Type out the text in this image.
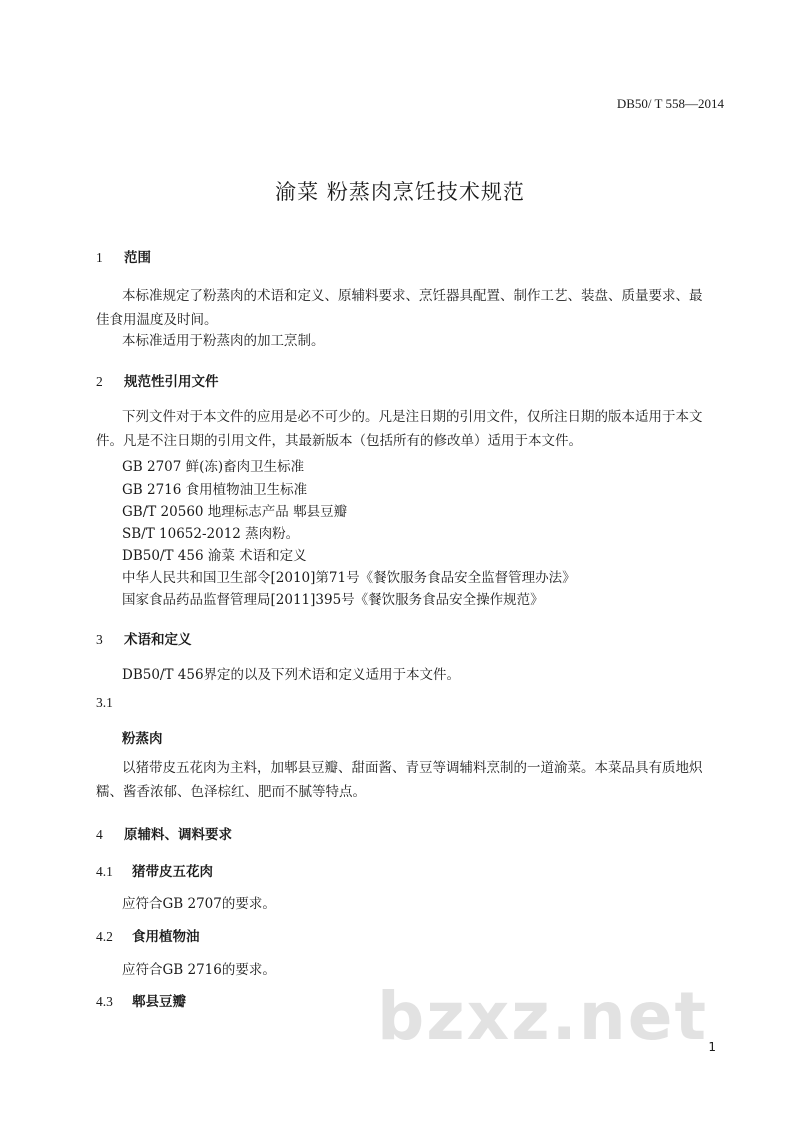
DB50/ T 558—2014
渝菜 粉蒸肉烹饪技术规范
1 范围
本标准规定了粉蒸肉的术语和定义、原辅料要求、烹饪器具配置、制作工艺、装盘、质量要求、最佳食用温度及时间。
本标准适用于粉蒸肉的加工烹制。
2 规范性引用文件
下列文件对于本文件的应用是必不可少的。凡是注日期的引用文件，仅所注日期的版本适用于本文件。凡是不注日期的引用文件，其最新版本（包括所有的修改单）适用于本文件。
GB 2707 鲜(冻)畜肉卫生标准
GB 2716 食用植物油卫生标准
GB/T 20560 地理标志产品 郫县豆瓣
SB/T 10652-2012 蒸肉粉。
DB50/T 456 渝菜 术语和定义
中华人民共和国卫生部令[2010]第71号《餐饮服务食品安全监督管理办法》
国家食品药品监督管理局[2011]395号《餐饮服务食品安全操作规范》
3 术语和定义
DB50/T 456界定的以及下列术语和定义适用于本文件。
3.1
粉蒸肉
以猪带皮五花肉为主料，加郫县豆瓣、甜面酱、青豆等调辅料烹制的一道渝菜。本菜品具有质地炽糯、酱香浓郁、色泽棕红、肥而不腻等特点。
4 原辅料、调料要求
4.1 猪带皮五花肉
应符合GB 2707的要求。
4.2 食用植物油
应符合GB 2716的要求。
4.3 郫县豆瓣	bzxz.net 1
